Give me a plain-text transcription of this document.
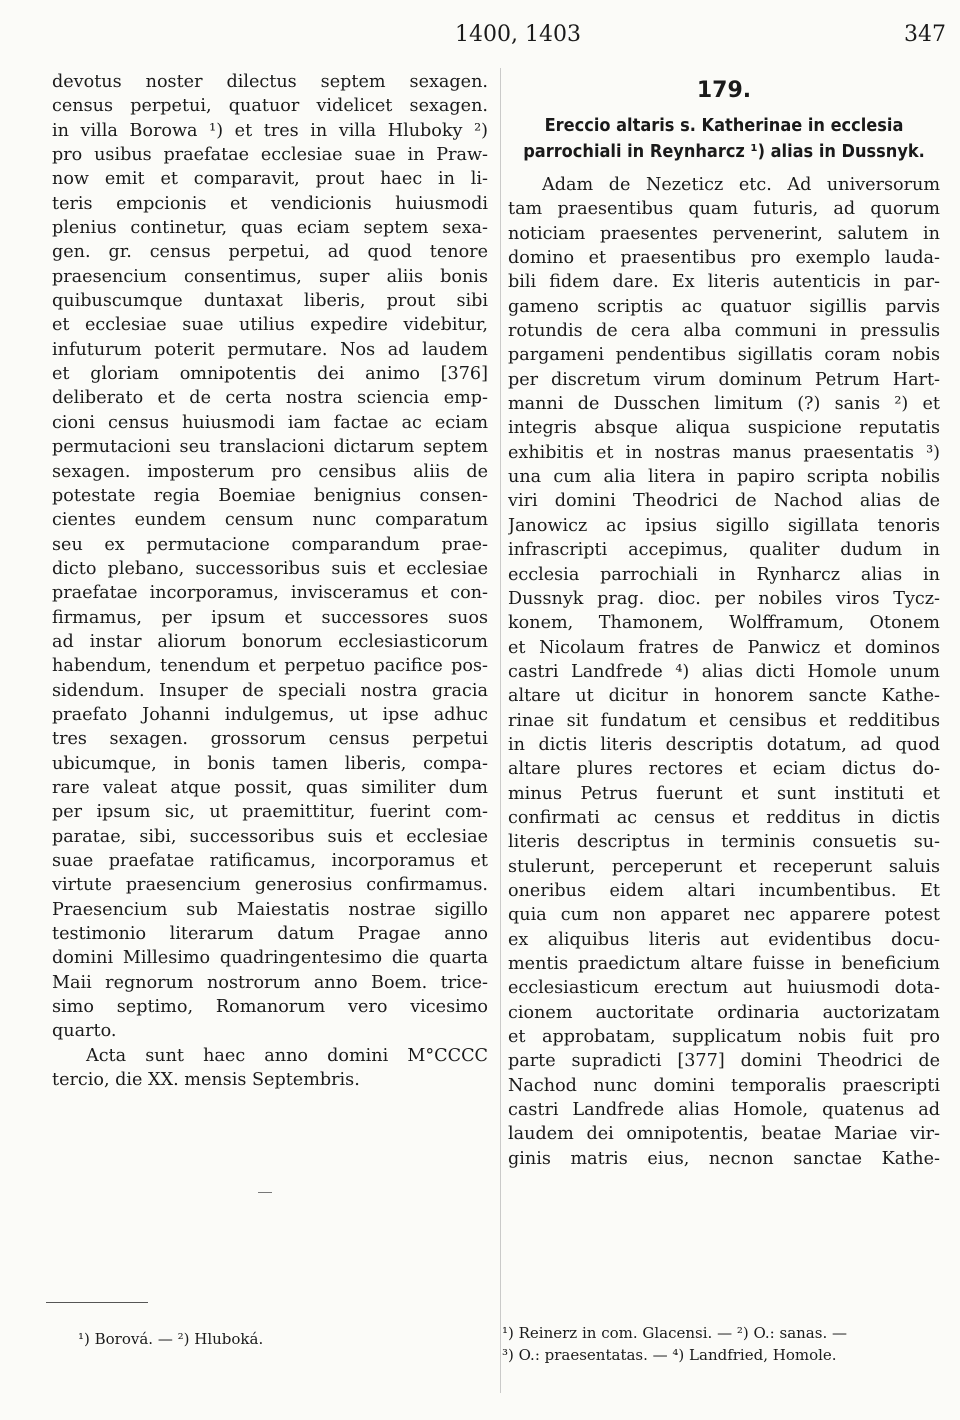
1400, 1403	347
devotus noster dilectus septem sexagen.
census perpetui, quatuor videlicet sexagen.
in villa Borowa ¹) et tres in villa Hluboky ²)
pro usibus praefatae ecclesiae suae in Praw-
now emit et comparavit, prout haec in li-
teris empcionis et vendicionis huiusmodi
plenius continetur, quas eciam septem sexa-
gen. gr. census perpetui, ad quod tenore
praesencium consentimus, super aliis bonis
quibuscumque duntaxat liberis, prout sibi
et ecclesiae suae utilius expedire videbitur,
infuturum poterit permutare. Nos ad laudem
et gloriam omnipotentis dei animo [376]
deliberato et de certa nostra sciencia emp-
cioni census huiusmodi iam factae ac eciam
permutacioni seu translacioni dictarum septem
sexagen. imposterum pro censibus aliis de
potestate regia Boemiae benignius consen-
cientes eundem censum nunc comparatum
seu ex permutacione comparandum prae-
dicto plebano, successoribus suis et ecclesiae
praefatae incorporamus, invisceramus et con-
firmamus, per ipsum et successores suos
ad instar aliorum bonorum ecclesiasticorum
habendum, tenendum et perpetuo pacifice pos-
sidendum. Insuper de speciali nostra gracia
praefato Johanni indulgemus, ut ipse adhuc
tres sexagen. grossorum census perpetui
ubicumque, in bonis tamen liberis, compa-
rare valeat atque possit, quas similiter dum
per ipsum sic, ut praemittitur, fuerint com-
paratae, sibi, successoribus suis et ecclesiae
suae praefatae ratificamus, incorporamus et
virtute praesencium generosius confirmamus.
Praesencium sub Maiestatis nostrae sigillo
testimonio literarum datum Pragae anno
domini Millesimo quadringentesimo die quarta
Maii regnorum nostrorum anno Boem. trice-
simo septimo, Romanorum vero vicesimo
quarto.
Acta sunt haec anno domini M°CCCC
tercio, die XX. mensis Septembris.
179.
Ereccio altaris s. Katherinae in ecclesia
parrochiali in Reynharcz ¹) alias in Dussnyk.
Adam de Nezeticz etc. Ad universorum
tam praesentibus quam futuris, ad quorum
noticiam praesentes pervenerint, salutem in
domino et praesentibus pro exemplo lauda-
bili fidem dare. Ex literis autenticis in par-
gameno scriptis ac quatuor sigillis parvis
rotundis de cera alba communi in pressulis
pargameni pendentibus sigillatis coram nobis
per discretum virum dominum Petrum Hart-
manni de Dusschen limitum (?) sanis ²) et
integris absque aliqua suspicione reputatis
exhibitis et in nostras manus praesentatis ³)
una cum alia litera in papiro scripta nobilis
viri domini Theodrici de Nachod alias de
Janowicz ac ipsius sigillo sigillata tenoris
infrascripti accepimus, qualiter dudum in
ecclesia parrochiali in Rynharcz alias in
Dussnyk prag. dioc. per nobiles viros Tycz-
konem, Thamonem, Wolfframum, Otonem
et Nicolaum fratres de Panwicz et dominos
castri Landfrede ⁴) alias dicti Homole unum
altare ut dicitur in honorem sancte Kathe-
rinae sit fundatum et censibus et redditibus
in dictis literis descriptis dotatum, ad quod
altare plures rectores et eciam dictus do-
minus Petrus fuerunt et sunt instituti et
confirmati ac census et redditus in dictis
literis descriptus in terminis consuetis su-
stulerunt, perceperunt et receperunt saluis
oneribus eidem altari incumbentibus. Et
quia cum non apparet nec apparere potest
ex aliquibus literis aut evidentibus docu-
mentis praedictum altare fuisse in beneficium
ecclesiasticum erectum aut huiusmodi dota-
cionem auctoritate ordinaria auctorizatam
et approbatam, supplicatum nobis fuit pro
parte supradicti [377] domini Theodrici de
Nachod nunc domini temporalis praescripti
castri Landfrede alias Homole, quatenus ad
laudem dei omnipotentis, beatae Mariae vir-
ginis matris eius, necnon sanctae Kathe-
¹) Borová. — ²) Hluboká.	¹) Reinerz in com. Glacensi. — ²) O.: sanas. —
³) O.: praesentatas. — ⁴) Landfried, Homole.
